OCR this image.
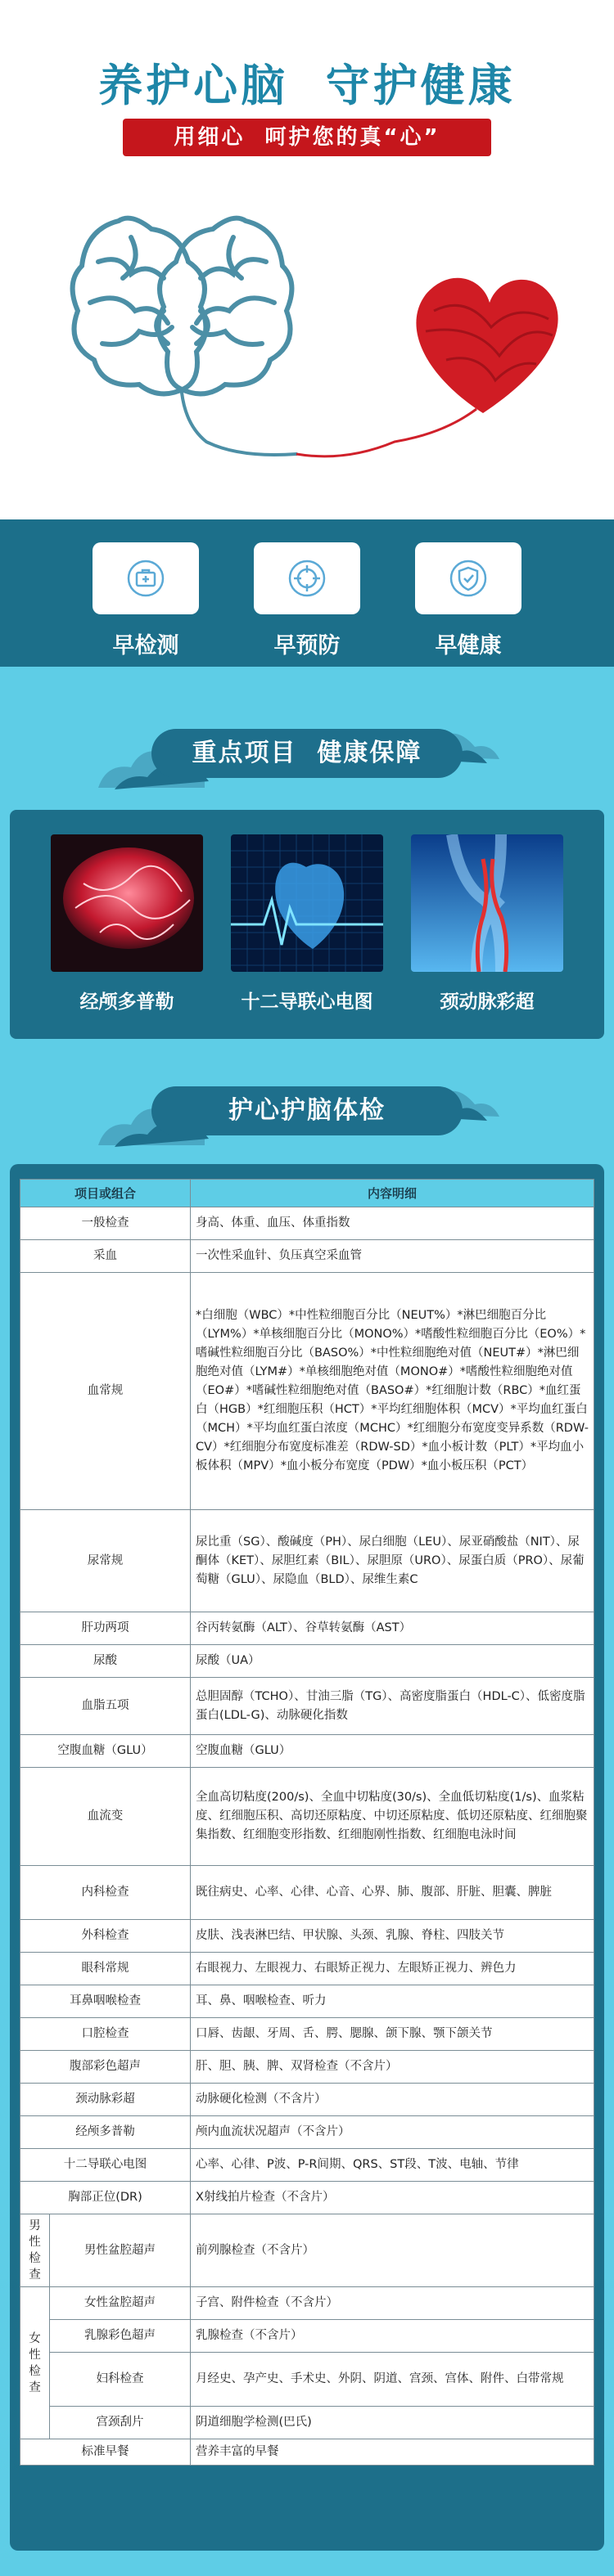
养护心脑  守护健康
用细心  呵护您的真“心”
早检测	早预防	早健康
重点项目  健康保障
经颅多普勒	十二导联心电图	颈动脉彩超
护心护脑体检
项目或组合		内容明细
一般检查		身高、体重、血压、体重指数
采血		一次性采血针、负压真空采血管
血常规		*白细胞（WBC）*中性粒细胞百分比（NEUT%）*淋巴细胞百分比（LYM%）*单核细胞百分比（MONO%）*嗜酸性粒细胞百分比（EO%）*嗜碱性粒细胞百分比（BASO%）*中性粒细胞绝对值（NEUT#）*淋巴细胞绝对值（LYM#）*单核细胞绝对值（MONO#）*嗜酸性粒细胞绝对值（EO#）*嗜碱性粒细胞绝对值（BASO#）*红细胞计数（RBC）*血红蛋白（HGB）*红细胞压积（HCT）*平均红细胞体积（MCV）*平均血红蛋白（MCH）*平均血红蛋白浓度（MCHC）*红细胞分布宽度变异系数（RDW-CV）*红细胞分布宽度标准差（RDW-SD）*血小板计数（PLT）*平均血小板体积（MPV）*血小板分布宽度（PDW）*血小板压积（PCT）
尿常规		尿比重（SG）、酸碱度（PH）、尿白细胞（LEU）、尿亚硝酸盐（NIT）、尿酮体（KET）、尿胆红素（BIL）、尿胆原（URO）、尿蛋白质（PRO）、尿葡萄糖（GLU）、尿隐血（BLD）、尿维生素C
肝功两项		谷丙转氨酶（ALT）、谷草转氨酶（AST）
尿酸		尿酸（UA）
血脂五项		总胆固醇（TCHO）、甘油三脂（TG）、高密度脂蛋白（HDL-C）、低密度脂蛋白(LDL-G)、动脉硬化指数
空腹血糖（GLU）		空腹血糖（GLU）
血流变		全血高切粘度(200/s)、全血中切粘度(30/s)、全血低切粘度(1/s)、血浆粘度、红细胞压积、高切还原粘度、中切还原粘度、低切还原粘度、红细胞聚集指数、红细胞变形指数、红细胞刚性指数、红细胞电泳时间
内科检查		既往病史、心率、心律、心音、心界、肺、腹部、肝脏、胆囊、脾脏
外科检查		皮肤、浅表淋巴结、甲状腺、头颈、乳腺、脊柱、四肢关节
眼科常规		右眼视力、左眼视力、右眼矫正视力、左眼矫正视力、辨色力
耳鼻咽喉检查		耳、鼻、咽喉检查、听力
口腔检查		口唇、齿龈、牙周、舌、腭、腮腺、颌下腺、颚下颌关节
腹部彩色超声		肝、胆、胰、脾、双肾检查（不含片）
颈动脉彩超		动脉硬化检测（不含片）
经颅多普勒		颅内血流状况超声（不含片）
十二导联心电图		心率、心律、P波、P-R间期、QRS、ST段、T波、电轴、节律
胸部正位(DR)		X射线拍片检查（不含片）
男性检查	男性盆腔超声	前列腺检查（不含片）
女性检查	女性盆腔超声	子宫、附件检查（不含片）
	乳腺彩色超声	乳腺检查（不含片）
	妇科检查	月经史、孕产史、手术史、外阴、阴道、宫颈、宫体、附件、白带常规
	宫颈刮片	阴道细胞学检测(巴氏)
标准早餐		营养丰富的早餐
